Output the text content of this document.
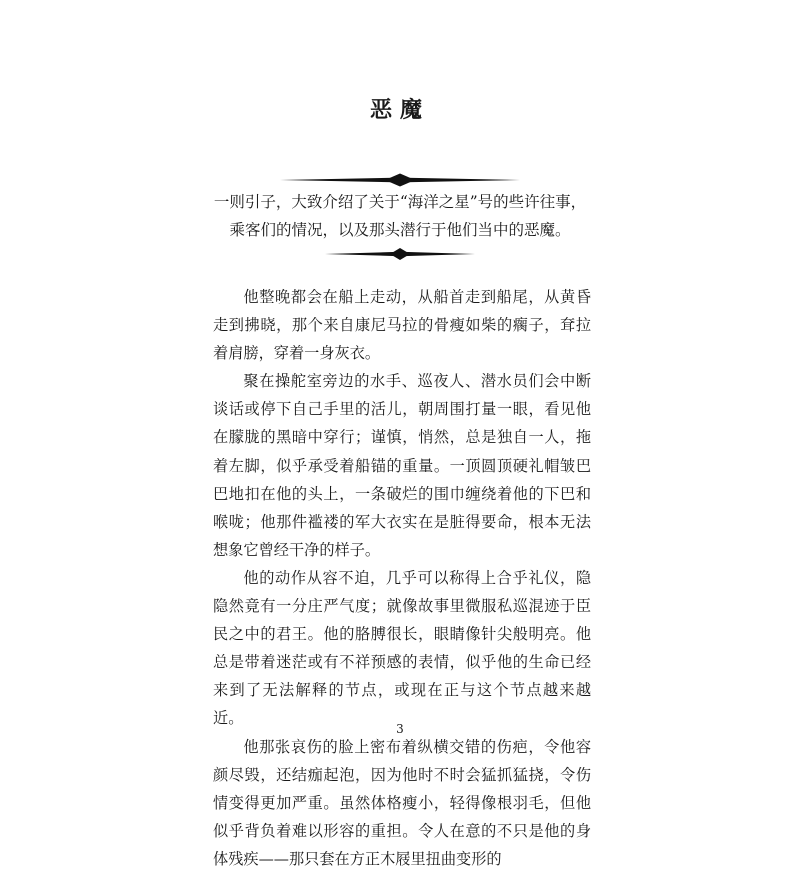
恶魔

一则引子，大致介绍了关于“海洋之星”号的些许往事，

乘客们的情况，以及那头潜行于他们当中的恶魔。

他整晚都会在船上走动，从船首走到船尾，从黄昏走到拂晓，那个来自康尼马拉的骨瘦如柴的瘸子，耷拉着肩膀，穿着一身灰衣。

聚在操舵室旁边的水手、巡夜人、潜水员们会中断谈话或停下自己手里的活儿，朝周围打量一眼，看见他在朦胧的黑暗中穿行；谨慎，悄然，总是独自一人，拖着左脚，似乎承受着船锚的重量。一顶圆顶硬礼帽皱巴巴地扣在他的头上，一条破烂的围巾缠绕着他的下巴和喉咙；他那件褴褛的军大衣实在是脏得要命，根本无法想象它曾经干净的样子。

他的动作从容不迫，几乎可以称得上合乎礼仪，隐隐然竟有一分庄严气度；就像故事里微服私巡混迹于臣民之中的君王。他的胳膊很长，眼睛像针尖般明亮。他总是带着迷茫或有不祥预感的表情，似乎他的生命已经来到了无法解释的节点，或现在正与这个节点越来越近。

他那张哀伤的脸上密布着纵横交错的伤疤，令他容颜尽毁，还结痂起泡，因为他时不时会猛抓猛挠，令伤情变得更加严重。虽然体格瘦小，轻得像根羽毛，但他似乎背负着难以形容的重担。令人在意的不只是他的身体残疾——那只套在方正木屐里扭曲变形的

3
